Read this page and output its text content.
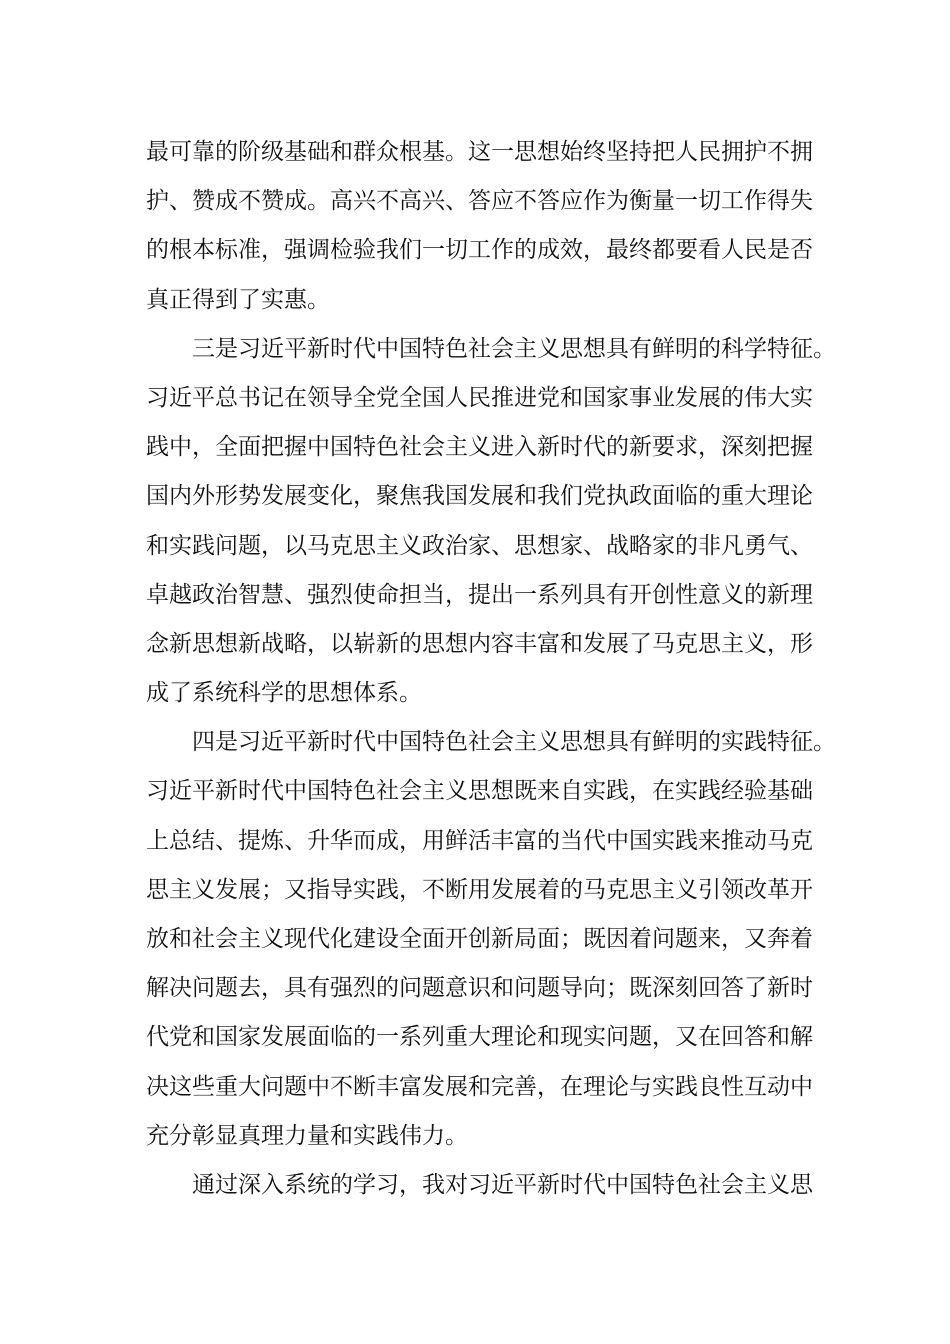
最可靠的阶级基础和群众根基。这一思想始终坚持把人民拥护不拥
护、赞成不赞成。高兴不高兴、答应不答应作为衡量一切工作得失
的根本标准，强调检验我们一切工作的成效，最终都要看人民是否
真正得到了实惠。
三是习近平新时代中国特色社会主义思想具有鲜明的科学特征。
习近平总书记在领导全党全国人民推进党和国家事业发展的伟大实
践中，全面把握中国特色社会主义进入新时代的新要求，深刻把握
国内外形势发展变化，聚焦我国发展和我们党执政面临的重大理论
和实践问题，以马克思主义政治家、思想家、战略家的非凡勇气、
卓越政治智慧、强烈使命担当，提出一系列具有开创性意义的新理
念新思想新战略，以崭新的思想内容丰富和发展了马克思主义，形
成了系统科学的思想体系。
四是习近平新时代中国特色社会主义思想具有鲜明的实践特征。
习近平新时代中国特色社会主义思想既来自实践，在实践经验基础
上总结、提炼、升华而成，用鲜活丰富的当代中国实践来推动马克
思主义发展；又指导实践，不断用发展着的马克思主义引领改革开
放和社会主义现代化建设全面开创新局面；既因着问题来，又奔着
解决问题去，具有强烈的问题意识和问题导向；既深刻回答了新时
代党和国家发展面临的一系列重大理论和现实问题，又在回答和解
决这些重大问题中不断丰富发展和完善，在理论与实践良性互动中
充分彰显真理力量和实践伟力。
通过深入系统的学习，我对习近平新时代中国特色社会主义思
